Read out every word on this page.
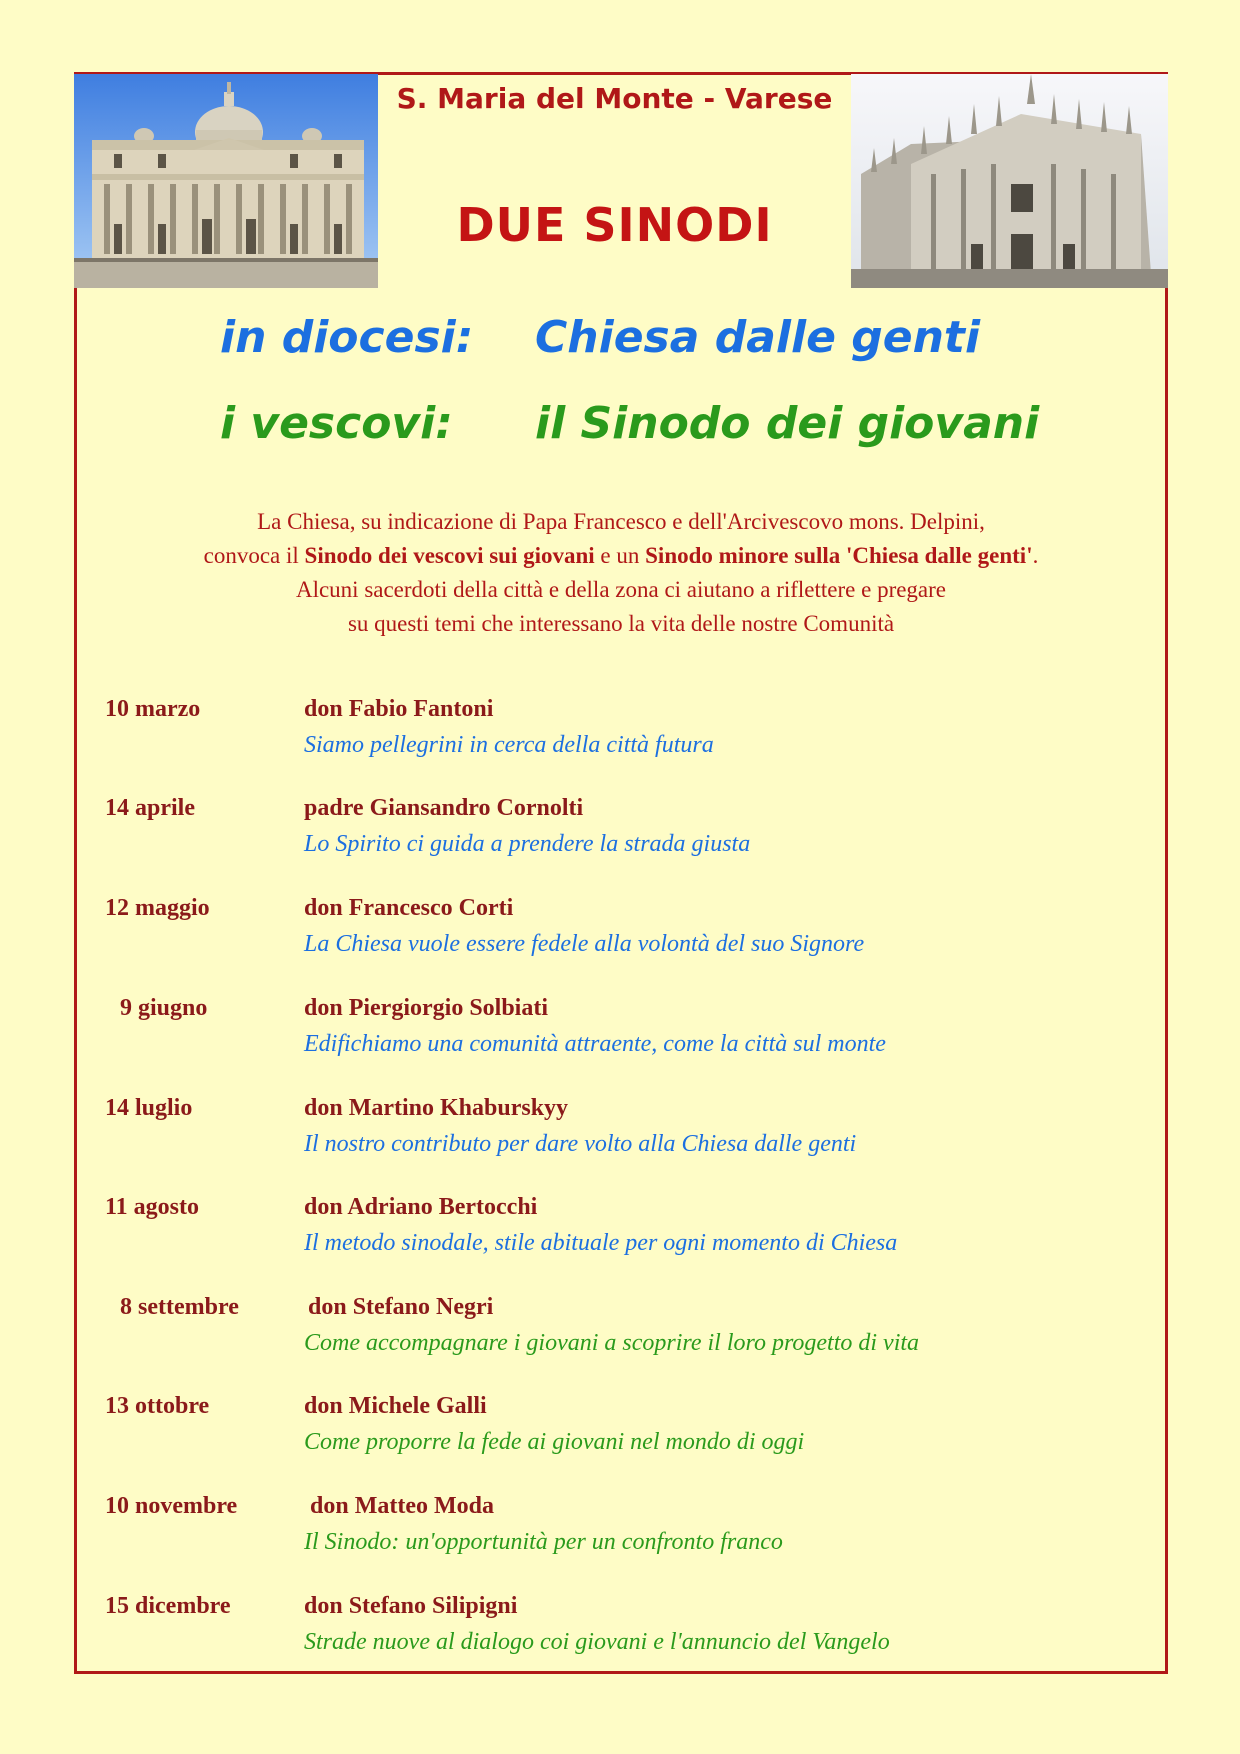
S. Maria del Monte - Varese
DUE SINODI
in diocesi: Chiesa dalle genti
i vescovi: il Sinodo dei giovani
La Chiesa, su indicazione di Papa Francesco e dell'Arcivescovo mons. Delpini,
convoca il Sinodo dei vescovi sui giovani e un Sinodo minore sulla 'Chiesa dalle genti'.
Alcuni sacerdoti della città e della zona ci aiutano a riflettere e pregare
su questi temi che interessano la vita delle nostre Comunità
10 marzo	don Fabio Fantoni
Siamo pellegrini in cerca della città futura
14 aprile	padre Giansandro Cornolti
Lo Spirito ci guida a prendere la strada giusta
12 maggio	don Francesco Corti
La Chiesa vuole essere fedele alla volontà del suo Signore
9 giugno	don Piergiorgio Solbiati
Edifichiamo una comunità attraente, come la città sul monte
14 luglio	don Martino Khaburskyy
Il nostro contributo per dare volto alla Chiesa dalle genti
11 agosto	don Adriano Bertocchi
Il metodo sinodale, stile abituale per ogni momento di Chiesa
8 settembre	don Stefano Negri
Come accompagnare i giovani a scoprire il loro progetto di vita
13 ottobre	don Michele Galli
Come proporre la fede ai giovani nel mondo di oggi
10 novembre	don Matteo Moda
Il Sinodo: un'opportunità per un confronto franco
15 dicembre	don Stefano Silipigni
Strade nuove al dialogo coi giovani e l'annuncio del Vangelo
